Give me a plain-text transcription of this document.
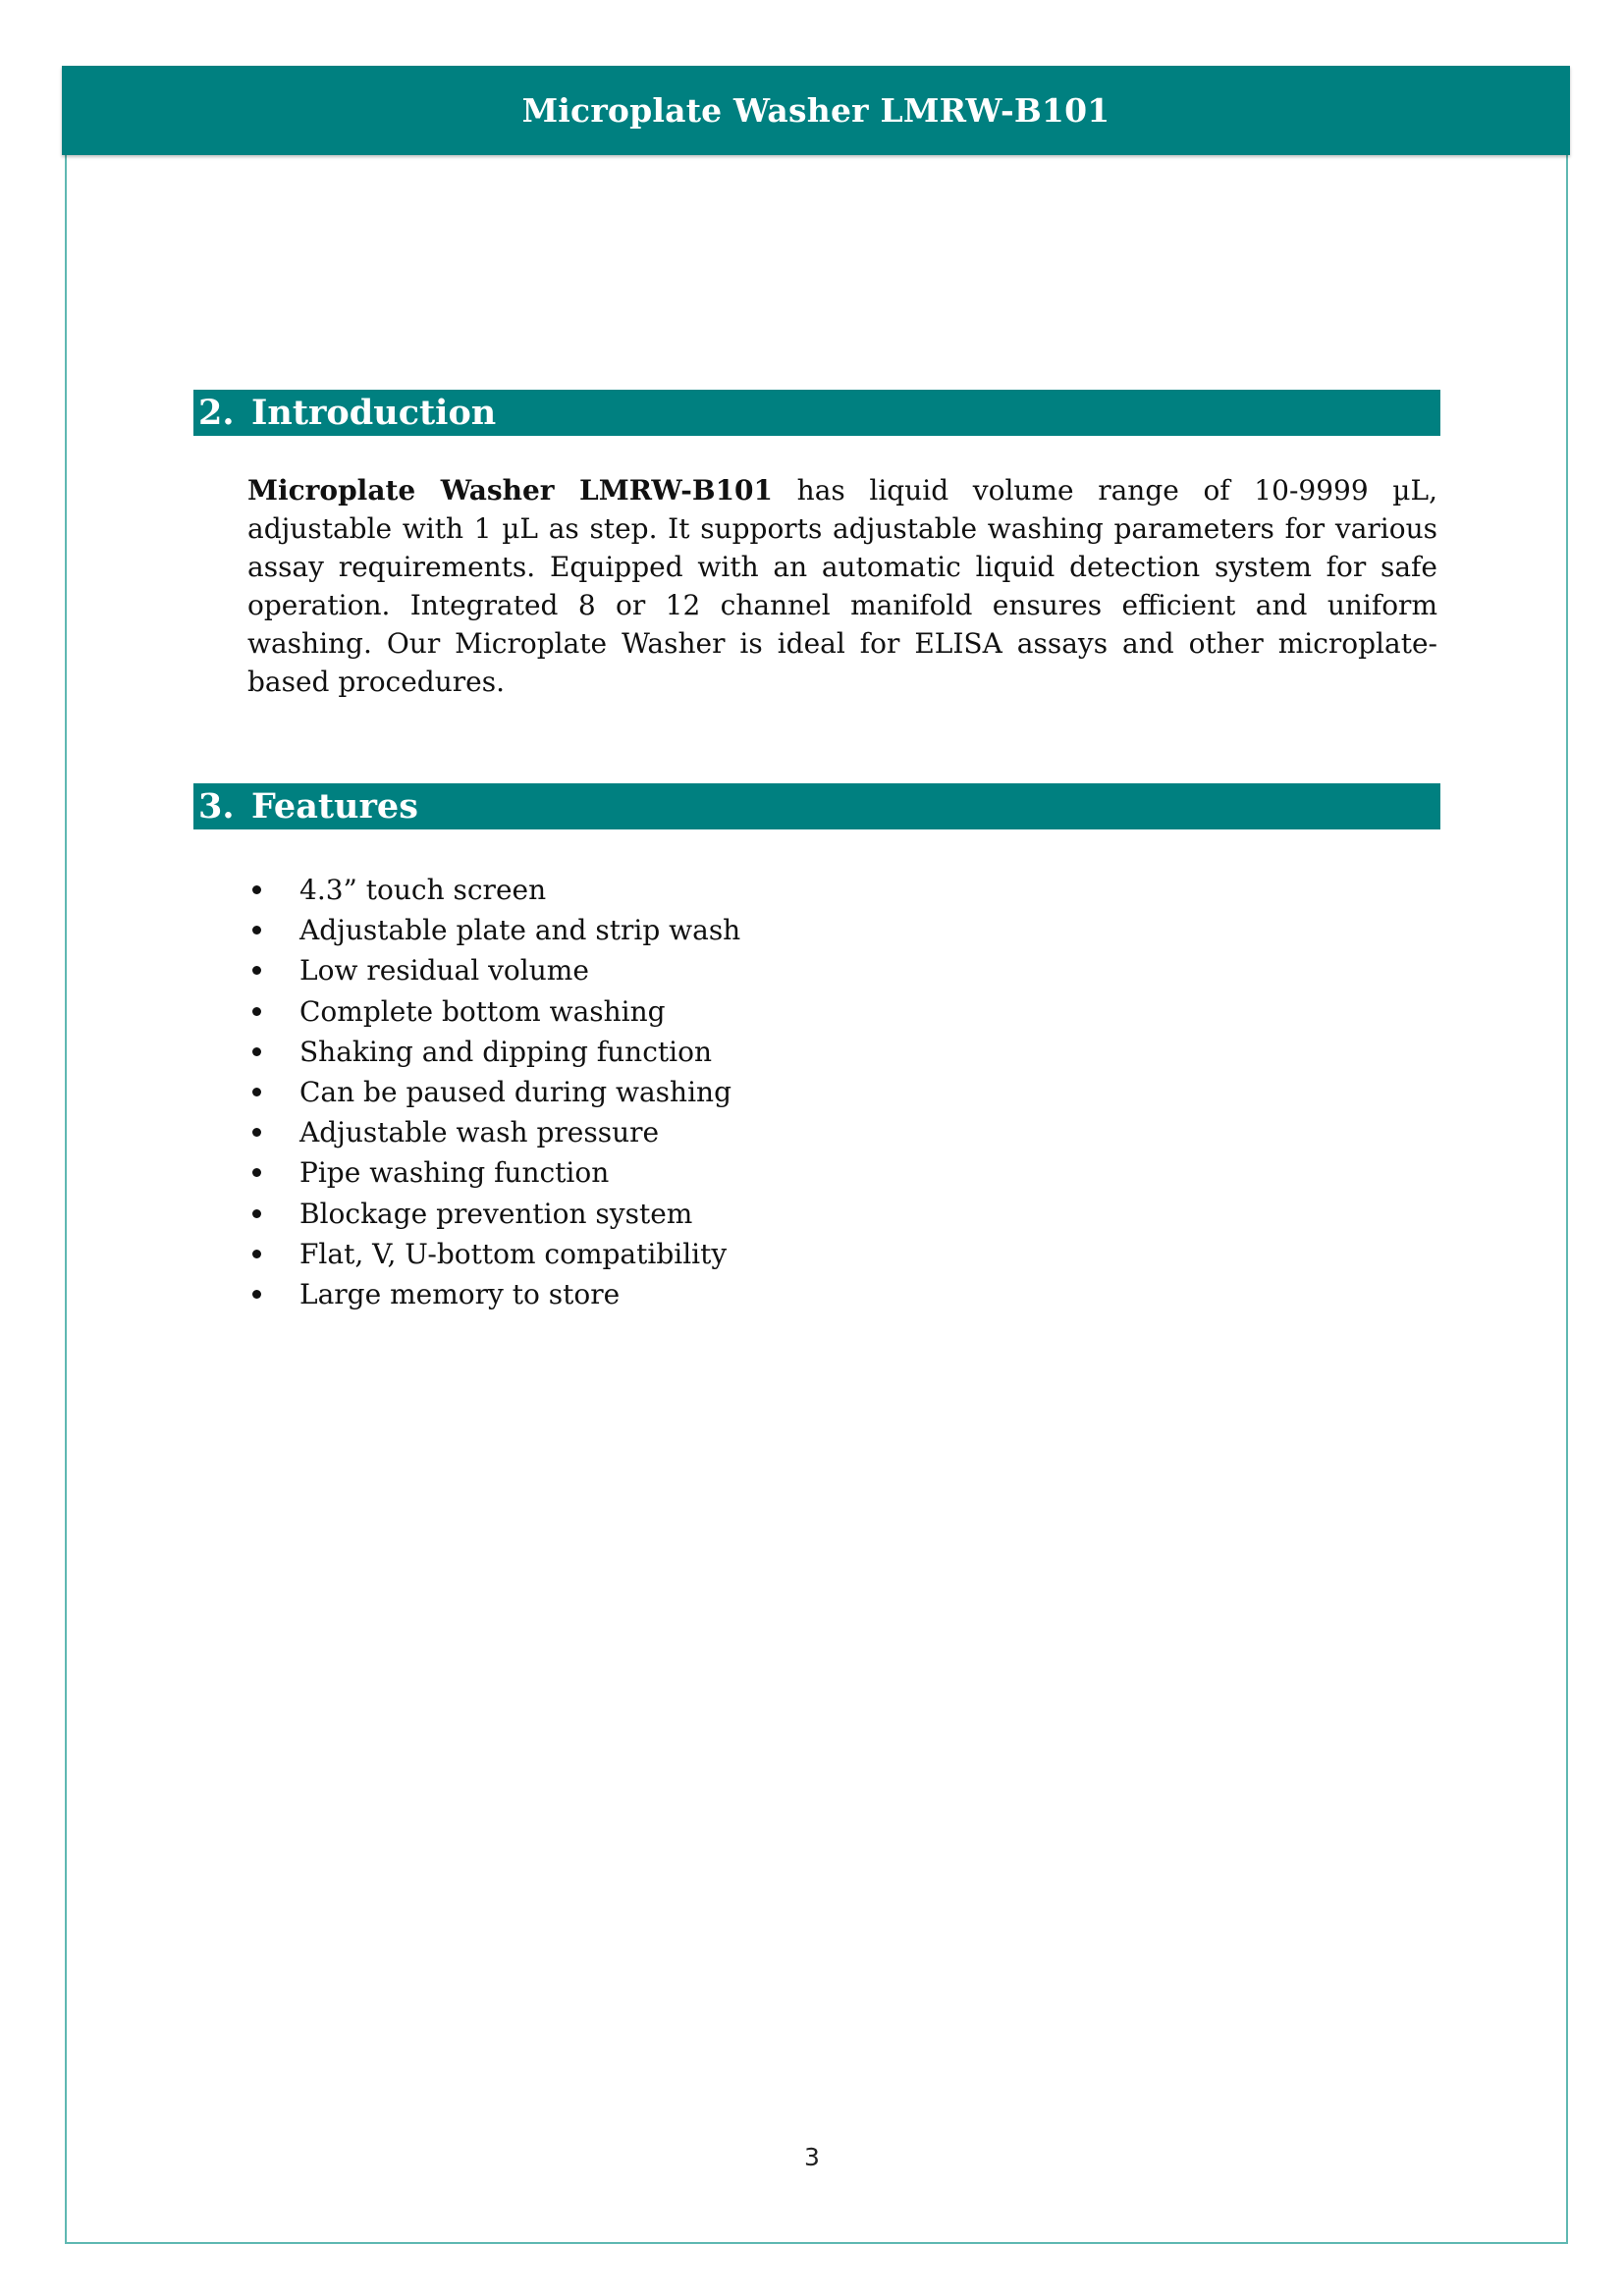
Microplate Washer LMRW-B101
2. Introduction

Microplate Washer LMRW-B101 has liquid volume range of 10-9999 µL, adjustable with 1 µL as step. It supports adjustable washing parameters for various assay requirements. Equipped with an automatic liquid detection system for safe operation. Integrated 8 or 12 channel manifold ensures efficient and uniform washing. Our Microplate Washer is ideal for ELISA assays and other microplate-based procedures.

3. Features
4.3” touch screen
Adjustable plate and strip wash
Low residual volume
Complete bottom washing
Shaking and dipping function
Can be paused during washing
Adjustable wash pressure
Pipe washing function
Blockage prevention system
Flat, V, U-bottom compatibility
Large memory to store
3
